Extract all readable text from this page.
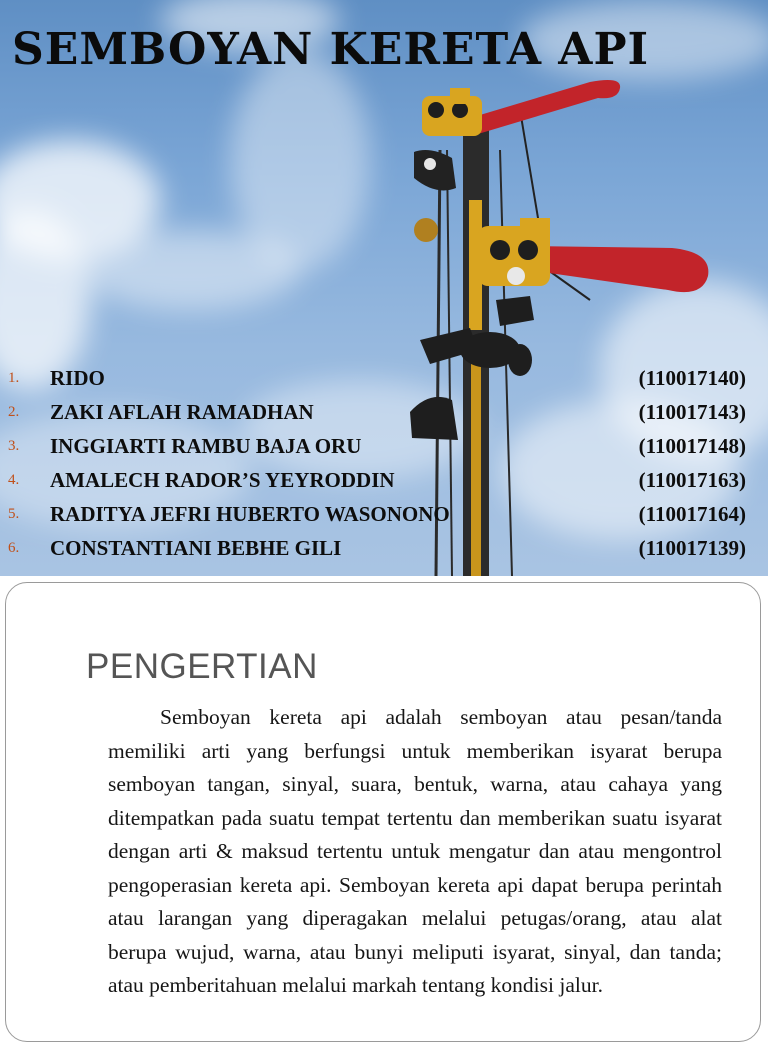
SEMBOYAN KERETA API
1. RIDO	(110017140)
2. ZAKI AFLAH RAMADHAN	(110017143)
3. INGGIARTI RAMBU BAJA ORU	(110017148)
4. AMALECH RADOR’S YEYRODDIN	(110017163)
5. RADITYA JEFRI HUBERTO WASONONO	(110017164)
6. CONSTANTIANI BEBHE GILI	(110017139)
PENGERTIAN

Semboyan kereta api adalah semboyan atau pesan/tanda memiliki arti yang berfungsi untuk memberikan isyarat berupa semboyan tangan, sinyal, suara, bentuk, warna, atau cahaya yang ditempatkan pada suatu tempat tertentu dan memberikan suatu isyarat dengan arti & maksud tertentu untuk mengatur dan atau mengontrol pengoperasian kereta api. Semboyan kereta api dapat berupa perintah atau larangan yang diperagakan melalui petugas/orang, atau alat berupa wujud, warna, atau bunyi meliputi isyarat, sinyal, dan tanda; atau pemberitahuan melalui markah tentang kondisi jalur.
